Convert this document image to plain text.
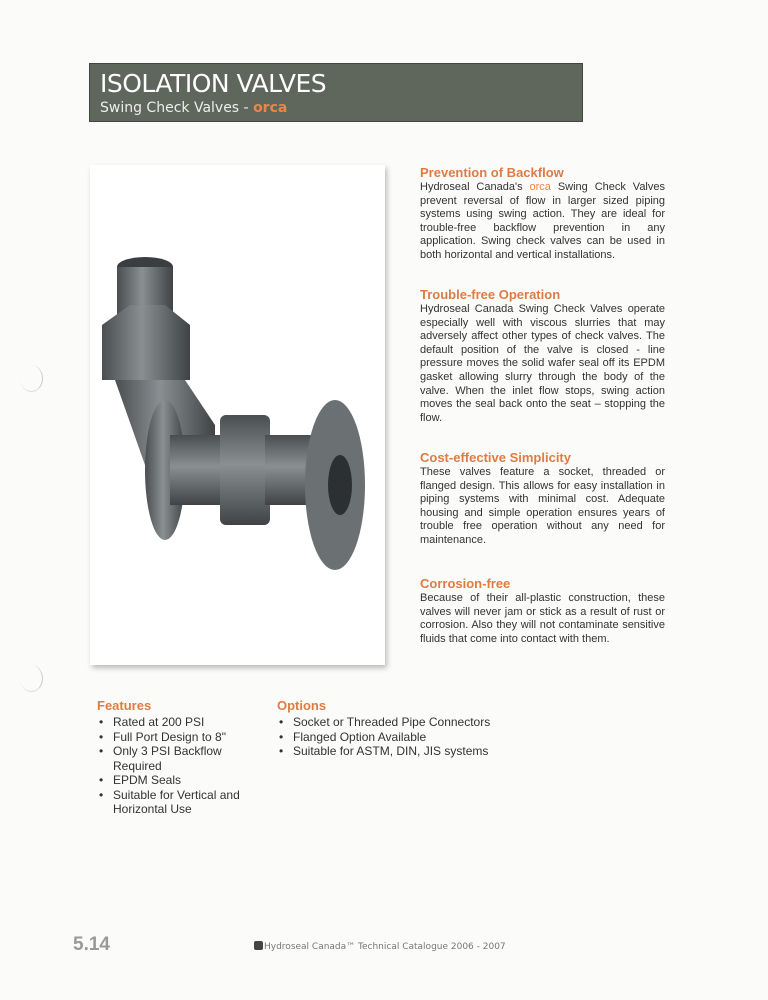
ISOLATION VALVES
Swing Check Valves - orca
Prevention of Backflow

Hydroseal Canada's orca Swing Check Valves prevent reversal of flow in larger sized piping systems using swing action. They are ideal for trouble-free backflow prevention in any application. Swing check valves can be used in both horizontal and vertical installations.

Trouble-free Operation

Hydroseal Canada Swing Check Valves operate especially well with viscous slurries that may adversely affect other types of check valves. The default position of the valve is closed - line pressure moves the solid wafer seal off its EPDM gasket allowing slurry through the body of the valve. When the inlet flow stops, swing action moves the seal back onto the seat – stopping the flow.

Cost-effective Simplicity

These valves feature a socket, threaded or flanged design. This allows for easy installation in piping systems with minimal cost. Adequate housing and simple operation ensures years of trouble free operation without any need for maintenance.

Corrosion-free

Because of their all-plastic construction, these valves will never jam or stick as a result of rust or corrosion. Also they will not contaminate sensitive fluids that come into contact with them.

Features
• Rated at 200 PSI
• Full Port Design to 8"
• Only 3 PSI Backflow Required
• EPDM Seals
• Suitable for Vertical and Horizontal Use
Options
• Socket or Threaded Pipe Connectors
• Flanged Option Available
• Suitable for ASTM, DIN, JIS systems
5.14	Hydroseal Canada™ Technical Catalogue 2006 - 2007
